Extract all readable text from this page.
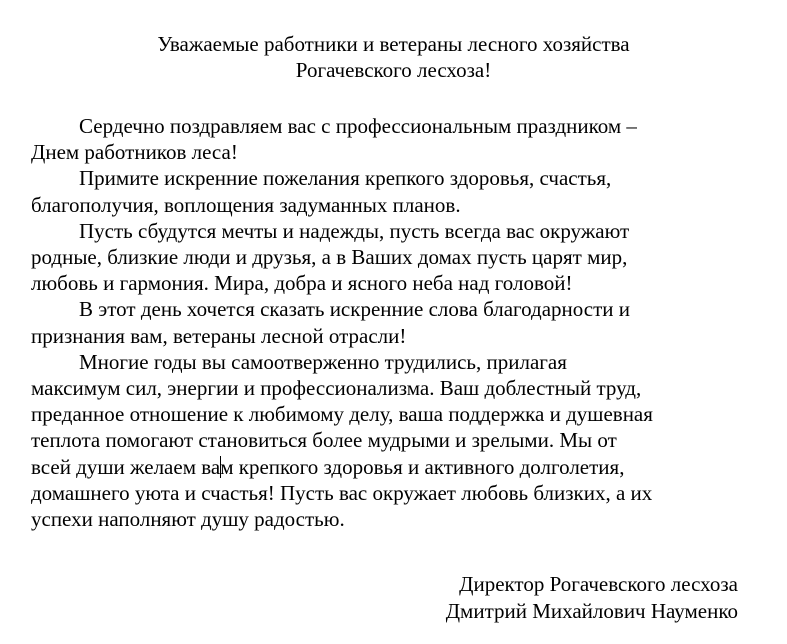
Уважаемые работники и ветераны лесного хозяйства
Рогачевского лесхоза!
Сердечно поздравляем вас с профессиональным праздником –
Днем работников леса!
Примите искренние пожелания крепкого здоровья, счастья,
благополучия, воплощения задуманных планов.
Пусть сбудутся мечты и надежды, пусть всегда вас окружают
родные, близкие люди и друзья, а в Ваших домах пусть царят мир,
любовь и гармония. Мира, добра и ясного неба над головой!
В этот день хочется сказать искренние слова благодарности и
признания вам, ветераны лесной отрасли!
Многие годы вы самоотверженно трудились, прилагая
максимум сил, энергии и профессионализма. Ваш доблестный труд,
преданное отношение к любимому делу, ваша поддержка и душевная
теплота помогают становиться более мудрыми и зрелыми. Мы от
всей души желаем вам крепкого здоровья и активного долголетия,
домашнего уюта и счастья! Пусть вас окружает любовь близких, а их
успехи наполняют душу радостью.
Директор Рогачевского лесхоза
Дмитрий Михайлович Науменко
